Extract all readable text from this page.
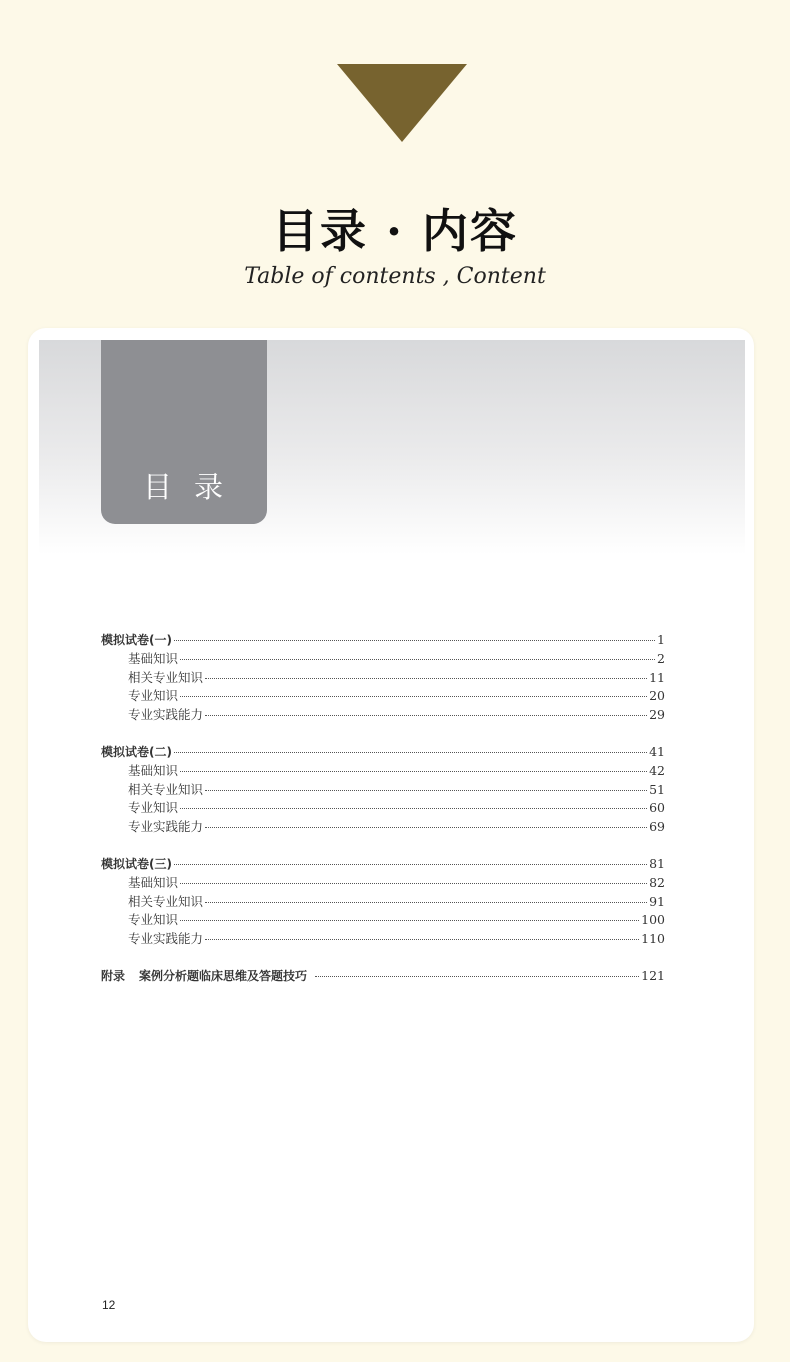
目录 · 内容
Table of contents , Content
目录
模拟试卷(一)	1
基础知识	2
相关专业知识	11
专业知识	20
专业实践能力	29
模拟试卷(二)	41
基础知识	42
相关专业知识	51
专业知识	60
专业实践能力	69
模拟试卷(三)	81
基础知识	82
相关专业知识	91
专业知识	100
专业实践能力	110
附录 案例分析题临床思维及答题技巧	121
12
